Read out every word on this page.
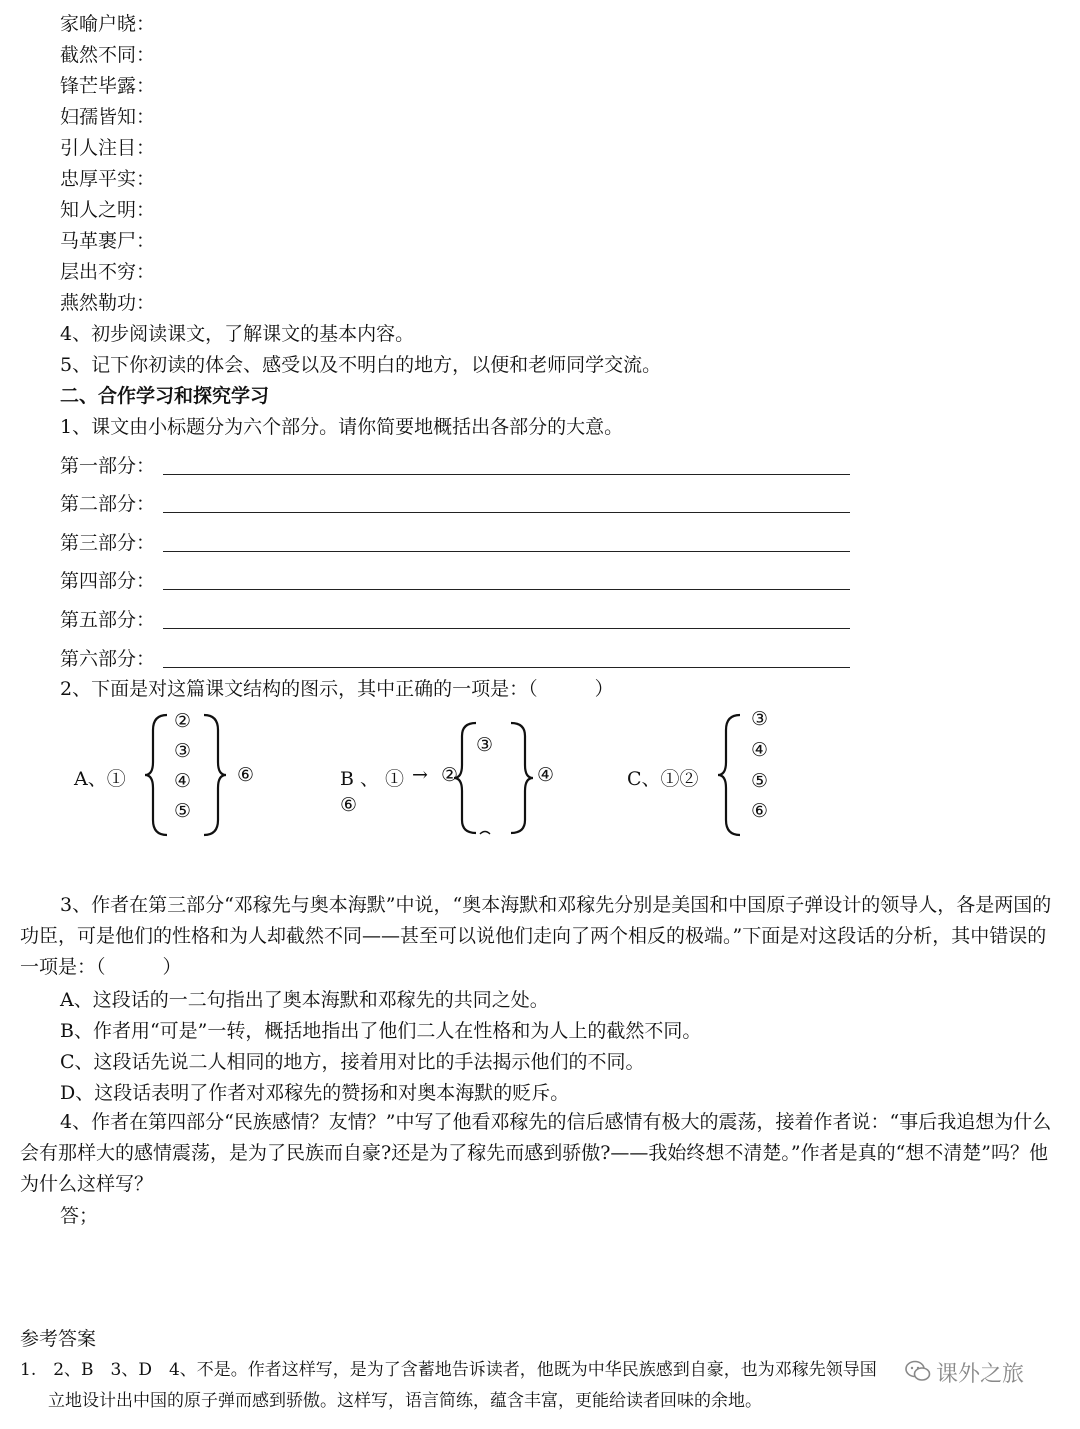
家喻户晓：
截然不同：
锋芒毕露：
妇孺皆知：
引人注目：
忠厚平实：
知人之明：
马革裹尸：
层出不穷：
燕然勒功：
4、初步阅读课文，了解课文的基本内容。
5、记下你初读的体会、感受以及不明白的地方，以便和老师同学交流。
二、合作学习和探究学习
1、课文由小标题分为六个部分。请你简要地概括出各部分的大意。
第一部分：
第二部分：
第三部分：
第四部分：
第五部分：
第六部分：
2、下面是对这篇课文结构的图示，其中正确的一项是：（　　　）
A、①
②
③
④
⑤
⑥	B 、 ① → ②
⑥
③
④	C、①②
③
④
⑤
⑥
3、作者在第三部分“邓稼先与奥本海默”中说，“奥本海默和邓稼先分别是美国和中国原子弹设计的领导人，各是两国的功臣，可是他们的性格和为人却截然不同——甚至可以说他们走向了两个相反的极端。”下面是对这段话的分析，其中错误的一项是：（　　　）
A、这段话的一二句指出了奥本海默和邓稼先的共同之处。
B、作者用“可是”一转，概括地指出了他们二人在性格和为人上的截然不同。
C、这段话先说二人相同的地方，接着用对比的手法揭示他们的不同。
D、这段话表明了作者对邓稼先的赞扬和对奥本海默的贬斥。
4、作者在第四部分“民族感情？友情？”中写了他看邓稼先的信后感情有极大的震荡，接着作者说：“事后我追想为什么会有那样大的感情震荡，是为了民族而自豪?还是为了稼先而感到骄傲?——我始终想不清楚。”作者是真的“想不清楚”吗？他为什么这样写？
答；
参考答案
1.　2、B　3、D　4、不是。作者这样写，是为了含蓄地告诉读者，他既为中华民族感到自豪，也为邓稼先领导国
立地设计出中国的原子弹而感到骄傲。这样写，语言简练，蕴含丰富，更能给读者回味的余地。
课外之旅
